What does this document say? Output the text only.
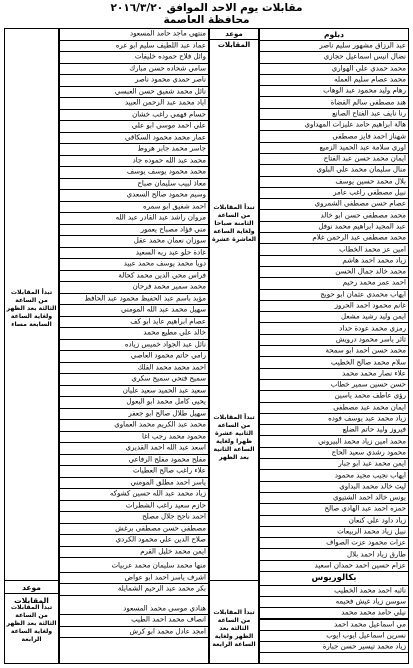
مقابلات يوم الاحد الموافق ٢٠١٦/٣/٢٠
محافظة العاصمة
دبلوم
عبد الرزاق مشهور سليم ناصر
نضال انيس اسماعيل حجازي
محمد حمدي علي الهواري
محمد عصام سليم العمله
رهام وليد محمود عبد الوهاب
هند مصطفى سالم القضاة
رنا نايف عبد الفتاح الصانع
هالة ابراهيم حامد عليزات المهداوي
شهناز احمد فايز مصطفى
اوري سلامة عبد الحميد الزميع
ايمان محمد حسن عبد الفتاح
منال سليمان محمد علي البلوي
بلال محمد حسين يوسف
نبيل مصطفى راغب عامر
عصام حسن مصطفى الشمروي
محمد مصطفى حسن ابو خالد
عبد المجيد ابراهيم محمد نوفل
محمد مصطفى عبد الرحمن غلام
امين عز محمد الخطاب
زياد محمد احمد هاشم
محمد خالد جمال الحسن
احمد عمر محمد رحيم
ايهاب محمدي عثمان ابو حويج
غانم محمود احمد الحروز
ايمن وليد رشيد مشعل
رمزي محمد عودة حداد
ثائر ياسر محمود درويش
محمد حسن احمد ابو سمحة
سلام محمد صالح الخطيب
علاء نصار محمد محمد
حسن حسين سمير خطاب
رؤي عاطف محمد ياسين
ايمان محمد عبد مصطفى
زياد محمد عبد يوسف فوده
فيروز وليد حاتم الضلع
محمد امين زياد محمد البيروني
محمود رشدي سعيد الحاج
ايمن محمد عبد ابو جبار
ايهاب نجيب مجيد محمود
ليث خالد محمد البداوي
يونس خالد احمد الشتيوي
حمزه احمد عبد الهادي صالح
زياد داود علي كنعان
نبيل زياد محمد الربيعات
عزات محمود عزت الصواف
طارق زياد احمد بلال
عزام حسين احمد حمدان اسعيد
بكالوريوس
نائبه احمد محمد الخطيب
سوسن زياد غيش فحيمه
نيلي حامد محمد محمد
مي اسماعيل محمد احمد
نسرين اسماعيل ايوب ايوب
زياد محمد تيسير حسن جبارة
موعد المقابلات
تبدأ المقابلات من الساعة الثامنة صباحا ولغاية الساعة العاشرة عشرة
تبدأ المقابلات من الساعة الثانية عشرة ظهرا ولغاية الساعة الثانية بعد الظهر
تبدأ المقابلات من الساعة الثالثة بعد الظهر ولغاية الساعة الرابعة
منتهى ماجد حامد المسعود
عماد عبد اللطيف سليم ابو عره
وائل فلاح حموده خليفات
سامي شحاده حسن مبارك
ناصر حمدي محمود ناصر
نائل محمد شفيق حسن العبسي
اياد محمد عبد الرحمن العبيد
حسام فهمي راغب خشان
علي احمد موسى ابو علي
عمار محمد محمود السكاقي
جاسر محمد جابر هروط
محمد عبد الله حموده جاد
محمد محمود يوسف يوسف
معاذ لبيب سليمان صباح
وسيم محمود صالح السعدي
احمد شفيق ابو سمره
مروان راشد عبد القادر عبد الله
مني فؤاد مصباح يعمور
سوزان نعمان محمد عقل
غادة حلو عبد ربه السعيد
دويا محمد يوسف محمد عبيد
فراس محي الدين محمد كحالة
محمد سمير محمد فرحان
مؤيد باسم عبد الحفيظ محمود عبد الحافظ
سهيل محمد عبد الله المومني
عصام ابراهيم عايد ابو كف
خالد علي مطيع محمد
نائل عبد الجواد خميس زياده
رامي حاتم محمود العاصي
احمد محمد محمد الفلك
سميح فتحي سميح سكري
سعيد عبد الحميد سعيد عليان
يحيى كامل محمد ابو البعول
سهيل طلال صالح ابو جعفر
محمد عبد الكريم محمد العماوي
محمود محمد رجب اغا
اسعد عبد الله احمد القديري
مفلح محمود مفلح الرفاعي
علاء راغب صالح العطيات
ياسر احمد مطلق المومني
زياد محمد عبد الله حسين كشوكه
حازم سعيد راغب الشطرات
احمد ناجح جلال مصلح
مصطفى حسن مصطفى برغش
صلاح الدين علي محمود الكردي
ايمن محمد خليل القرم
منها محمد سليمان محمد عربيات
اشرف ياسر احمد ابو عواض
بكر محمد عبد الرحيم الشمايلة
هنادي موسى محمد المسعود
انصاف محمد احمد الطيب
امجد عادل محمد ابو كرش
تبدأ المقابلات من الساعة الثالثة بعد الظهر ولغاية الساعة السابعة مساء
موعد المقابلات
تبدأ المقابلات من الساعة الثالثة بعد الظهر ولغاية الساعة الرابعة
